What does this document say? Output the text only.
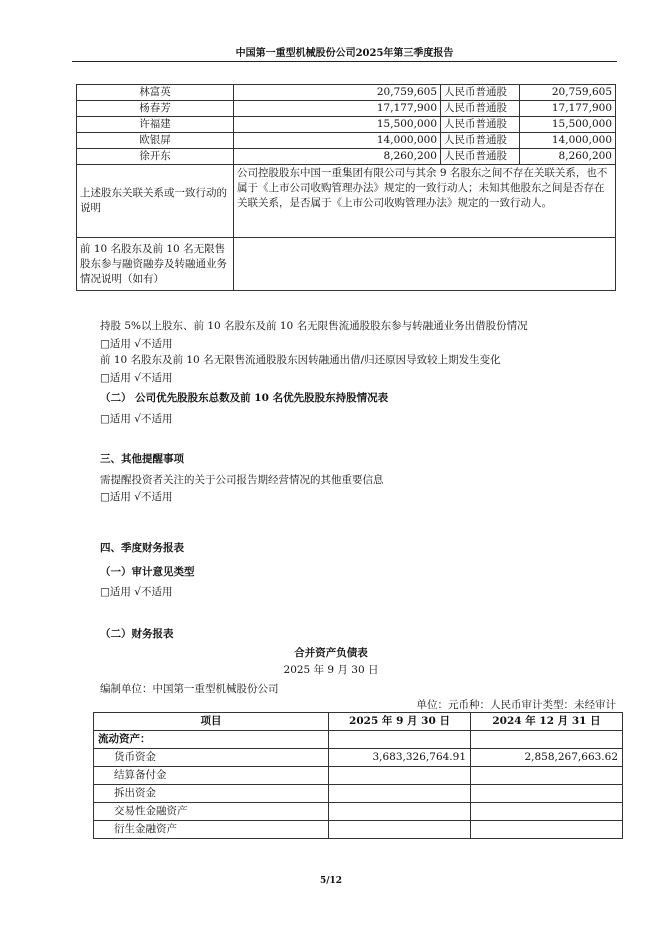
中国第一重型机械股份公司2025年第三季度报告
林富英	20,759,605	人民币普通股	20,759,605
杨春芳	17,177,900	人民币普通股	17,177,900
许福建	15,500,000	人民币普通股	15,500,000
欧银屏	14,000,000	人民币普通股	14,000,000
徐开东	8,260,200	人民币普通股	8,260,200
上述股东关联关系或一致行动的说明	公司控股股东中国一重集团有限公司与其余 9 名股东之间不存在关联关系，也不属于《上市公司收购管理办法》规定的一致行动人；未知其他股东之间是否存在关联关系，是否属于《上市公司收购管理办法》规定的一致行动人。		
前 10 名股东及前 10 名无限售股东参与融资融券及转融通业务情况说明（如有）			
持股 5%以上股东、前 10 名股东及前 10 名无限售流通股股东参与转融通业务出借股份情况
□适用 √不适用
前 10 名股东及前 10 名无限售流通股股东因转融通出借/归还原因导致较上期发生变化
□适用 √不适用
（二） 公司优先股股东总数及前 10 名优先股股东持股情况表
□适用 √不适用
三、其他提醒事项
需提醒投资者关注的关于公司报告期经营情况的其他重要信息
□适用 √不适用
四、季度财务报表
（一）审计意见类型
□适用 √不适用
（二）财务报表
合并资产负债表
2025 年 9 月 30 日
编制单位：中国第一重型机械股份公司
单位：元币种：人民币审计类型：未经审计
项目	2025 年 9 月 30 日	2024 年 12 月 31 日
流动资产：		
货币资金	3,683,326,764.91	2,858,267,663.62
结算备付金		
拆出资金		
交易性金融资产		
衍生金融资产		
5/12
